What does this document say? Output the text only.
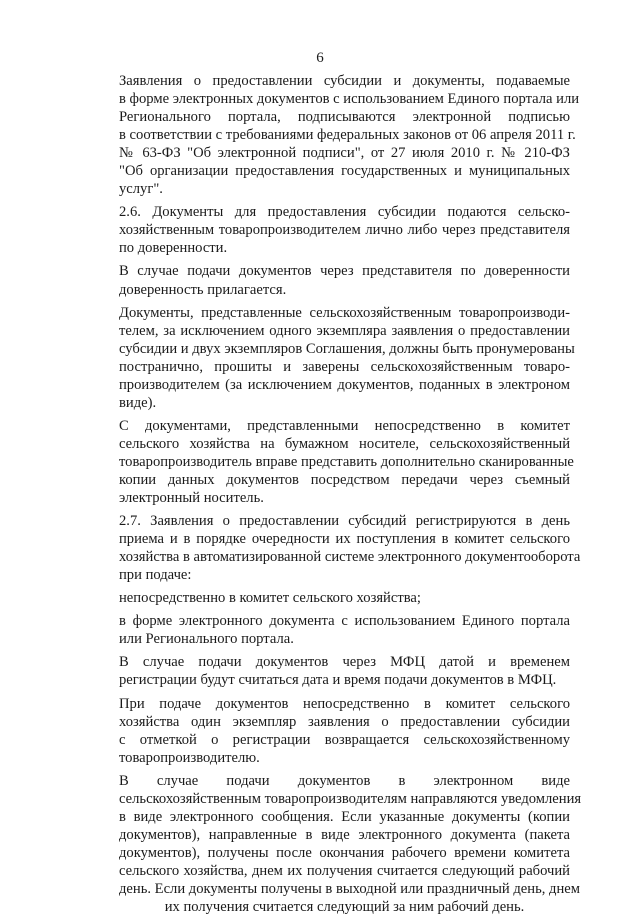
6

Заявления о предоставлении субсидии и документы, подаваемые
в форме электронных документов с использованием Единого портала или
Регионального портала, подписываются электронной подписью
в соответствии с требованиями федеральных законов от 06 апреля 2011 г.
№ 63-ФЗ "Об электронной подписи", от 27 июля 2010 г. № 210-ФЗ
"Об организации предоставления государственных и муниципальных
услуг".

2.6. Документы для предоставления субсидии подаются сельско-
хозяйственным товаропроизводителем лично либо через представителя
по доверенности.

В случае подачи документов через представителя по доверенности
доверенность прилагается.

Документы, представленные сельскохозяйственным товаропроизводи-
телем, за исключением одного экземпляра заявления о предоставлении
субсидии и двух экземпляров Соглашения, должны быть пронумерованы
постранично, прошиты и заверены сельскохозяйственным товаро-
производителем (за исключением документов, поданных в электроном
виде).

С документами, представленными непосредственно в комитет
сельского хозяйства на бумажном носителе, сельскохозяйственный
товаропроизводитель вправе представить дополнительно сканированные
копии данных документов посредством передачи через съемный
электронный носитель.

2.7. Заявления о предоставлении субсидий регистрируются в день
приема и в порядке очередности их поступления в комитет сельского
хозяйства в автоматизированной системе электронного документооборота
при подаче:

непосредственно в комитет сельского хозяйства;

в форме электронного документа с использованием Единого портала
или Регионального портала.

В случае подачи документов через МФЦ датой и временем
регистрации будут считаться дата и время подачи документов в МФЦ.

При подаче документов непосредственно в комитет сельского
хозяйства один экземпляр заявления о предоставлении субсидии
с отметкой о регистрации возвращается сельскохозяйственному
товаропроизводителю.

В случае подачи документов в электронном виде
сельскохозяйственным товаропроизводителям направляются уведомления
в виде электронного сообщения. Если указанные документы (копии
документов), направленные в виде электронного документа (пакета
документов), получены после окончания рабочего времени комитета
сельского хозяйства, днем их получения считается следующий рабочий
день. Если документы получены в выходной или праздничный день, днем
их получения считается следующий за ним рабочий день.
